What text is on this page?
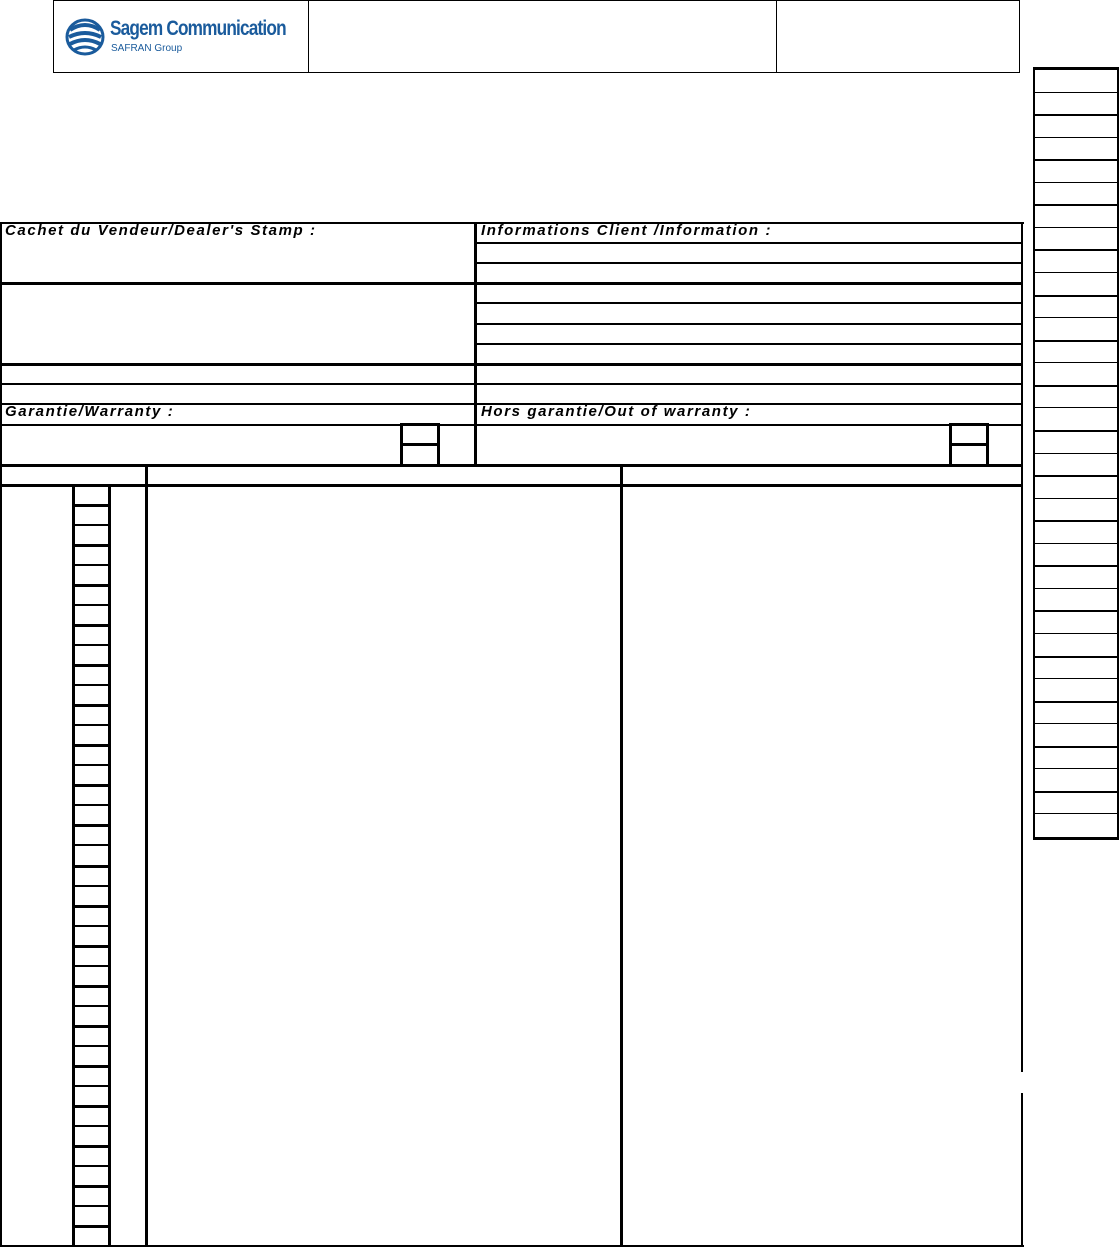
Sagem Communication
SAFRAN Group
Cachet du Vendeur/Dealer's Stamp :	Informations Client /Information :
Garantie/Warranty :	Hors garantie/Out of warranty :
